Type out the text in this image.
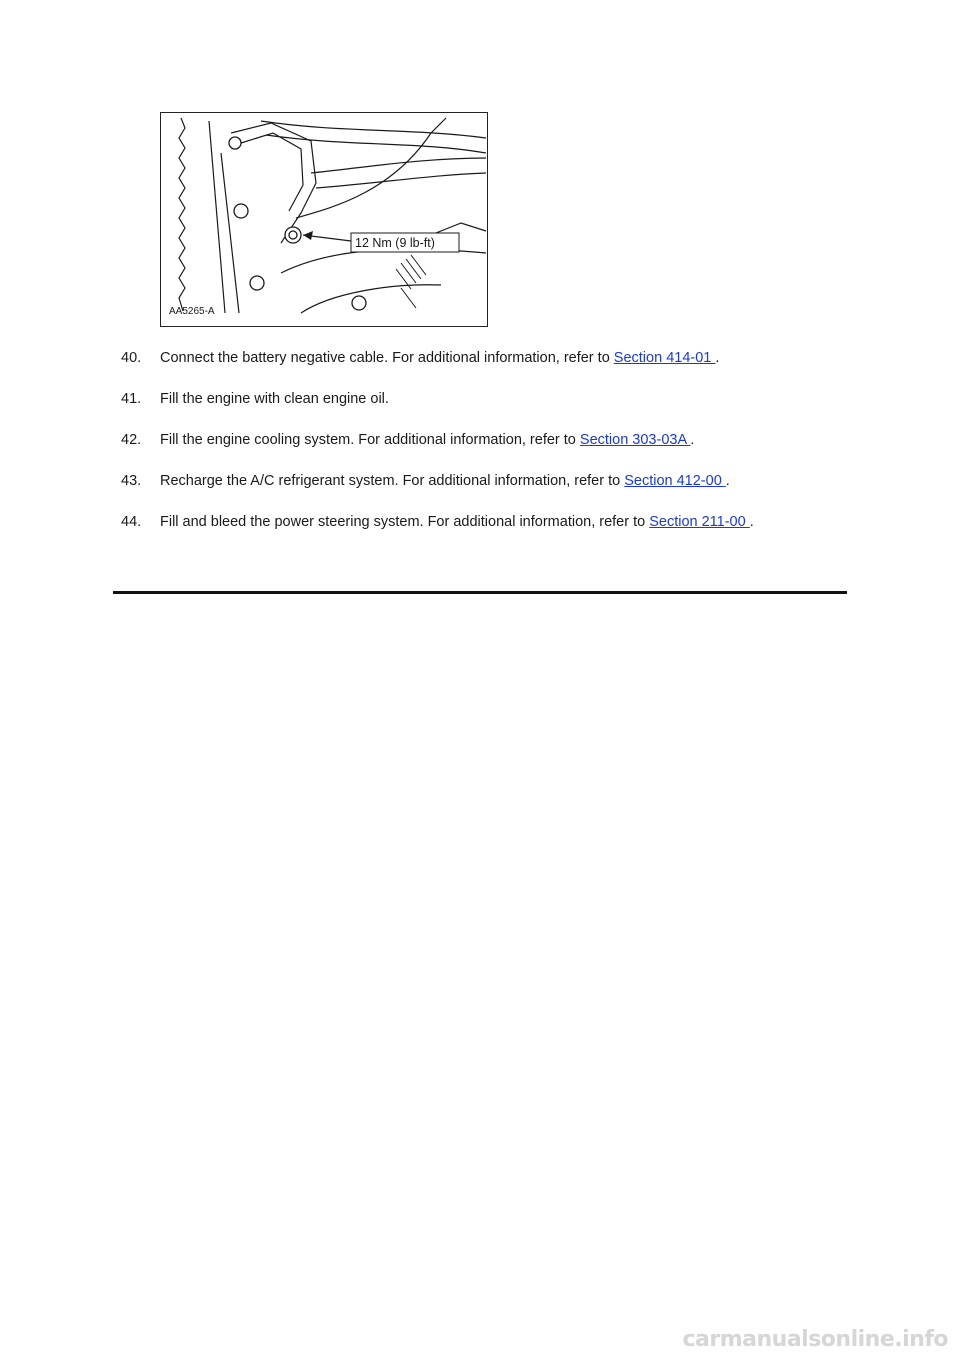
12 Nm (9 lb-ft)
AA5265-A
40. Connect the battery negative cable. For additional information, refer to Section 414-01 .
41. Fill the engine with clean engine oil.
42. Fill the engine cooling system. For additional information, refer to Section 303-03A .
43. Recharge the A/C refrigerant system. For additional information, refer to Section 412-00 .
44. Fill and bleed the power steering system. For additional information, refer to Section 211-00 .
carmanualsonline.info
